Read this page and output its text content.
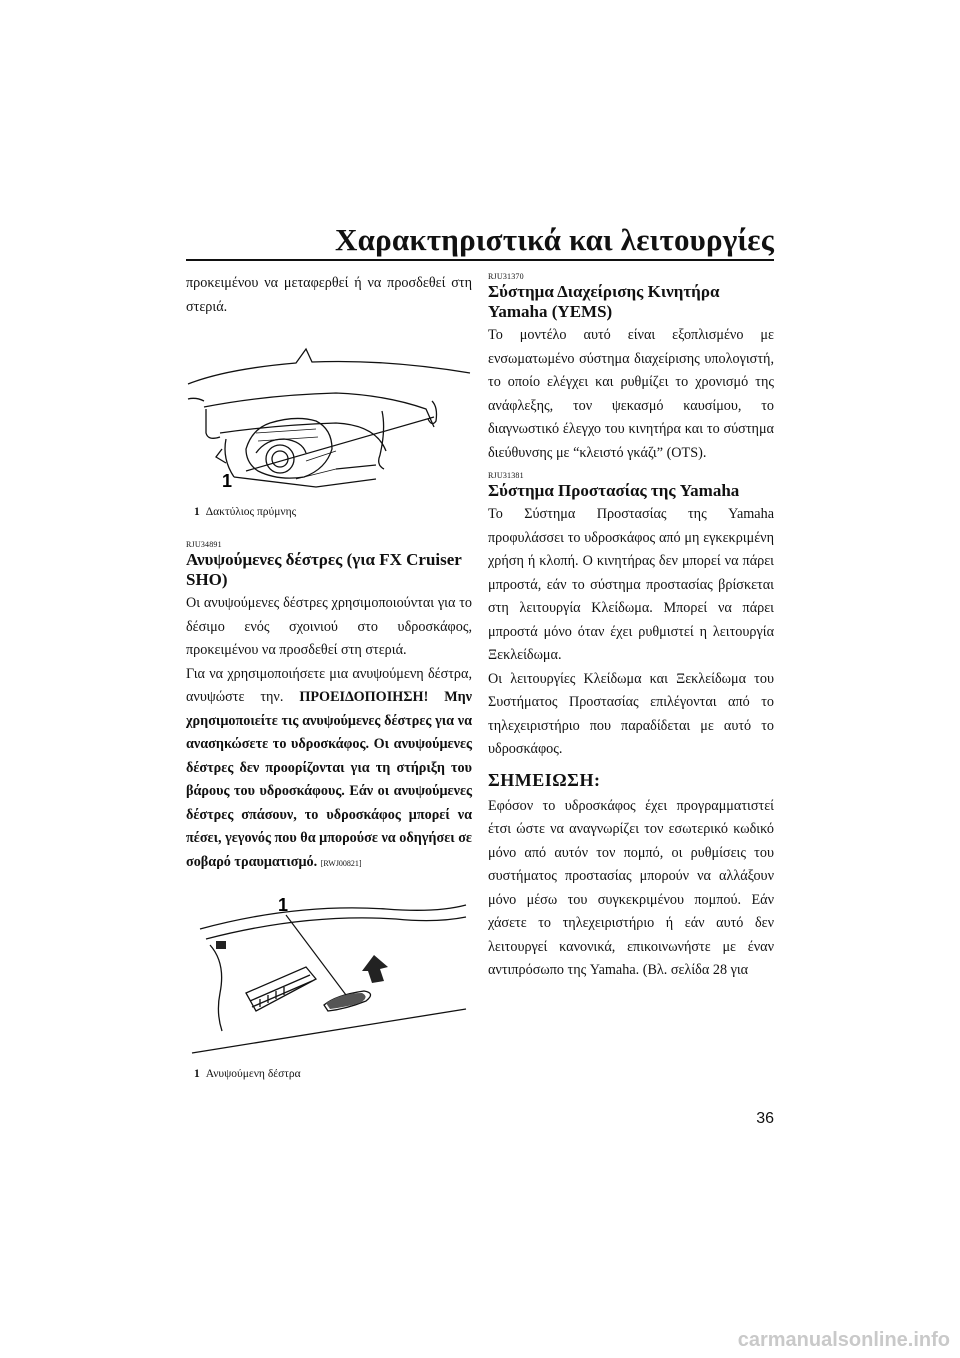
Χαρακτηριστικά και λειτουργίες

προκειμένου να μεταφερθεί ή να προσδεθεί στη στεριά.

1
1 Δακτύλιος πρύμνης

RJU34891

Ανυψούμενες δέστρες (για FX Cruiser SHO)

Οι ανυψούμενες δέστρες χρησιμοποιούνται για το δέσιμο ενός σχοινιού στο υδροσκάφος, προκειμένου να προσδεθεί στη στεριά.

Για να χρησιμοποιήσετε μια ανυψούμενη δέστρα, ανυψώστε την. ΠΡΟΕΙΔΟΠΟΙΗΣΗ! Μην χρησιμοποιείτε τις ανυψούμενες δέστρες για να ανασηκώσετε το υδροσκάφος. Οι ανυψούμενες δέστρες δεν προορίζονται για τη στήριξη του βάρους του υδροσκάφους. Εάν οι ανυψούμενες δέστρες σπάσουν, το υδροσκάφος μπορεί να πέσει, γεγονός που θα μπορούσε να οδηγήσει σε σοβαρό τραυματισμό. [RWJ00821]

1
1 Ανυψούμενη δέστρα

RJU31370

Σύστημα Διαχείρισης Κινητήρα Yamaha (YEMS)

Το μοντέλο αυτό είναι εξοπλισμένο με ενσωματωμένο σύστημα διαχείρισης υπολογιστή, το οποίο ελέγχει και ρυθμίζει το χρονισμό της ανάφλεξης, τον ψεκασμό καυσίμου, το διαγνωστικό έλεγχο του κινητήρα και το σύστημα διεύθυνσης με “κλειστό γκάζι” (OTS).

RJU31381

Σύστημα Προστασίας της Yamaha

Το Σύστημα Προστασίας της Yamaha προφυλάσσει το υδροσκάφος από μη εγκεκριμένη χρήση ή κλοπή. Ο κινητήρας δεν μπορεί να πάρει μπροστά, εάν το σύστημα προστασίας βρίσκεται στη λειτουργία Κλείδωμα. Μπορεί να πάρει μπροστά μόνο όταν έχει ρυθμιστεί η λειτουργία Ξεκλείδωμα.

Οι λειτουργίες Κλείδωμα και Ξεκλείδωμα του Συστήματος Προστασίας επιλέγονται από το τηλεχειριστήριο που παραδίδεται με αυτό το υδροσκάφος.

ΣΗΜΕΙΩΣΗ:

Εφόσον το υδροσκάφος έχει προγραμματιστεί έτσι ώστε να αναγνωρίζει τον εσωτερικό κωδικό μόνο από αυτόν τον πομπό, οι ρυθμίσεις του συστήματος προστασίας μπορούν να αλλάξουν μόνο μέσω του συγκεκριμένου πομπού. Εάν χάσετε το τηλεχειριστήριο ή εάν αυτό δεν λειτουργεί κανονικά, επικοινωνήστε με έναν αντιπρόσωπο της Yamaha. (Βλ. σελίδα 28 για

36
carmanualsonline.info
